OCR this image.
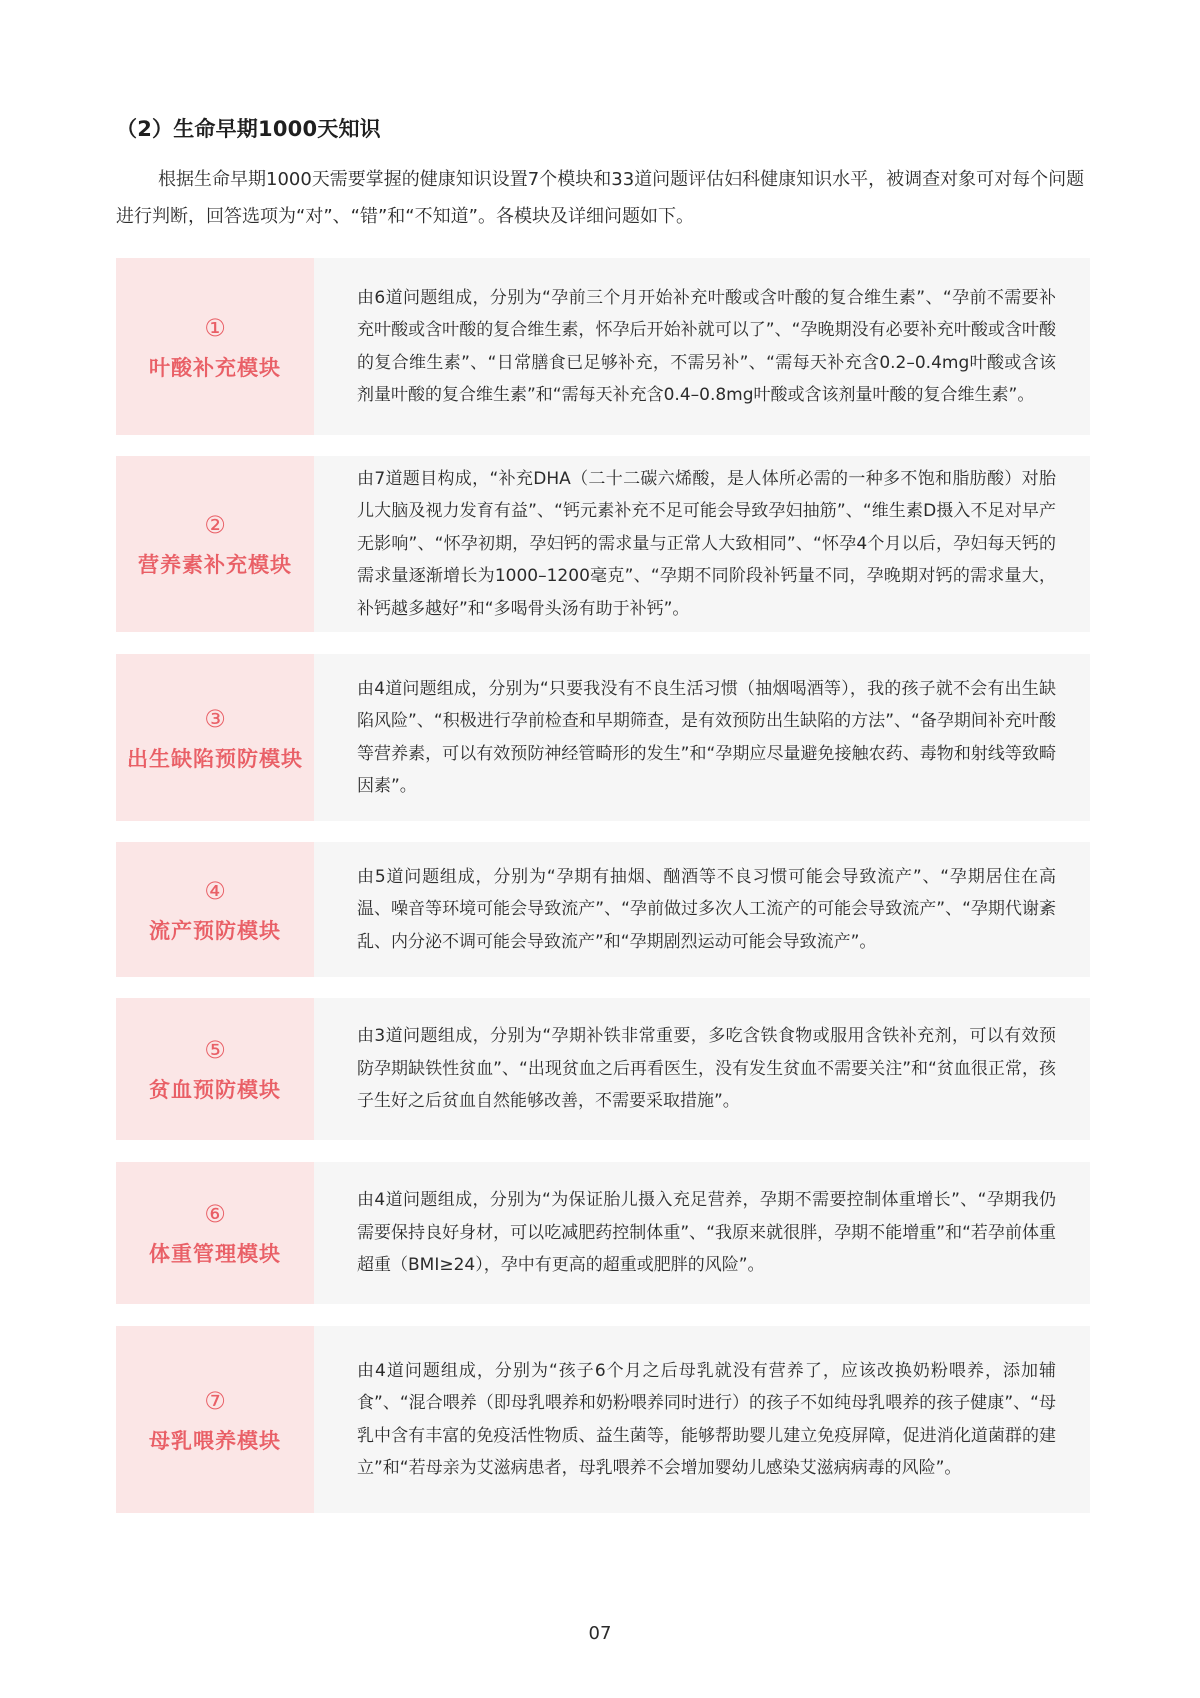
（2）生命早期1000天知识

根据生命早期1000天需要掌握的健康知识设置7个模块和33道问题评估妇科健康知识水平，被调查对象可对每个问题进行判断，回答选项为“对”、“错”和“不知道”。各模块及详细问题如下。

①
叶酸补充模块

由6道问题组成，分别为“孕前三个月开始补充叶酸或含叶酸的复合维生素”、“孕前不需要补充叶酸或含叶酸的复合维生素，怀孕后开始补就可以了”、“孕晚期没有必要补充叶酸或含叶酸的复合维生素”、“日常膳食已足够补充，不需另补”、“需每天补充含0.2–0.4mg叶酸或含该剂量叶酸的复合维生素”和“需每天补充含0.4–0.8mg叶酸或含该剂量叶酸的复合维生素”。

②
营养素补充模块

由7道题目构成，“补充DHA（二十二碳六烯酸，是人体所必需的一种多不饱和脂肪酸）对胎儿大脑及视力发育有益”、“钙元素补充不足可能会导致孕妇抽筋”、“维生素D摄入不足对早产无影响”、“怀孕初期，孕妇钙的需求量与正常人大致相同”、“怀孕4个月以后，孕妇每天钙的需求量逐渐增长为1000–1200毫克”、“孕期不同阶段补钙量不同，孕晚期对钙的需求量大，补钙越多越好”和“多喝骨头汤有助于补钙”。

③
出生缺陷预防模块

由4道问题组成，分别为“只要我没有不良生活习惯（抽烟喝酒等），我的孩子就不会有出生缺陷风险”、“积极进行孕前检查和早期筛查，是有效预防出生缺陷的方法”、“备孕期间补充叶酸等营养素，可以有效预防神经管畸形的发生”和“孕期应尽量避免接触农药、毒物和射线等致畸因素”。

④
流产预防模块

由5道问题组成，分别为“孕期有抽烟、酗酒等不良习惯可能会导致流产”、“孕期居住在高温、噪音等环境可能会导致流产”、“孕前做过多次人工流产的可能会导致流产”、“孕期代谢紊乱、内分泌不调可能会导致流产”和“孕期剧烈运动可能会导致流产”。

⑤
贫血预防模块

由3道问题组成，分别为“孕期补铁非常重要，多吃含铁食物或服用含铁补充剂，可以有效预防孕期缺铁性贫血”、“出现贫血之后再看医生，没有发生贫血不需要关注”和“贫血很正常，孩子生好之后贫血自然能够改善，不需要采取措施”。

⑥
体重管理模块

由4道问题组成，分别为“为保证胎儿摄入充足营养，孕期不需要控制体重增长”、“孕期我仍需要保持良好身材，可以吃减肥药控制体重”、“我原来就很胖，孕期不能增重”和“若孕前体重超重（BMI≥24），孕中有更高的超重或肥胖的风险”。

⑦
母乳喂养模块

由4道问题组成，分别为“孩子6个月之后母乳就没有营养了，应该改换奶粉喂养，添加辅食”、“混合喂养（即母乳喂养和奶粉喂养同时进行）的孩子不如纯母乳喂养的孩子健康”、“母乳中含有丰富的免疫活性物质、益生菌等，能够帮助婴儿建立免疫屏障，促进消化道菌群的建立”和“若母亲为艾滋病患者，母乳喂养不会增加婴幼儿感染艾滋病病毒的风险”。

07
